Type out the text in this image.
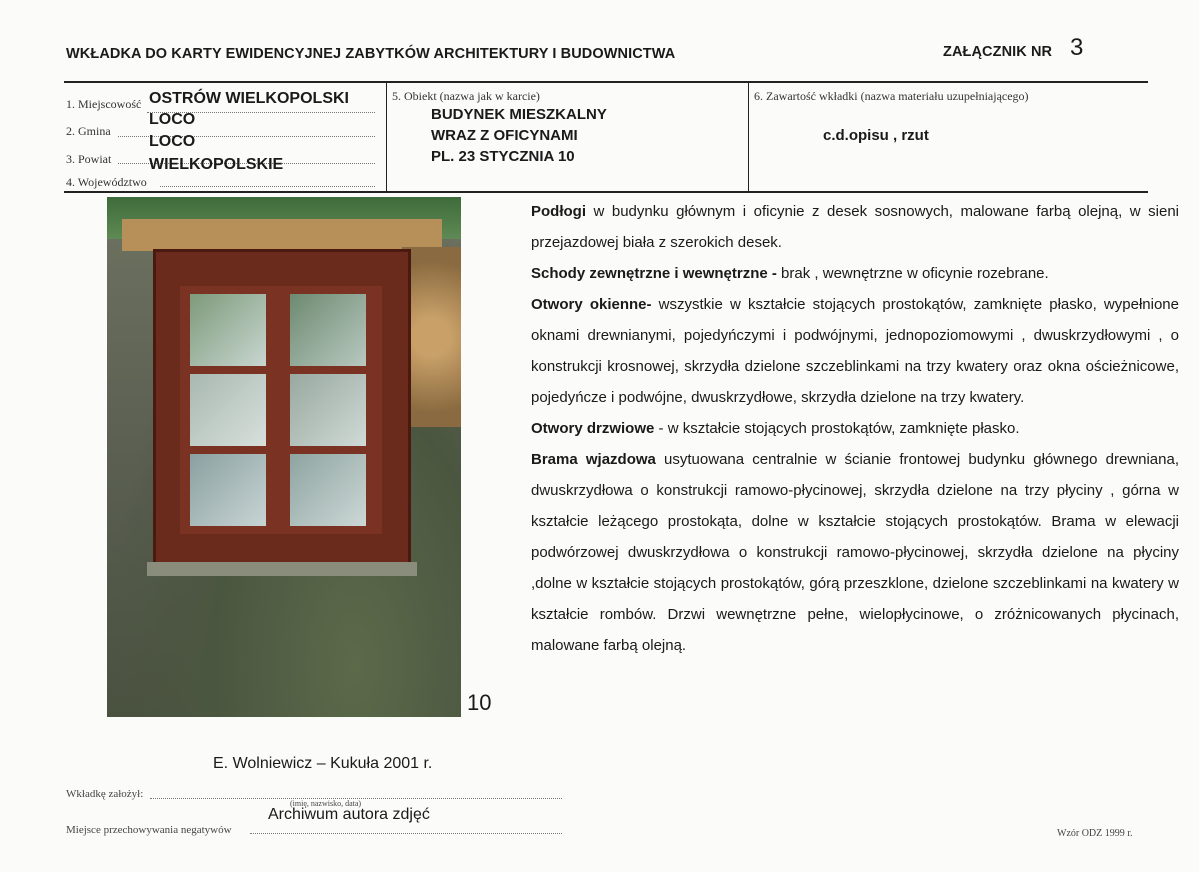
WKŁADKA DO KARTY EWIDENCYJNEJ ZABYTKÓW ARCHITEKTURY I BUDOWNICTWA	ZAŁĄCZNIK NR 3
1. Miejscowość OSTRÓW WIELKOPOLSKI
2. Gmina
LOCO
3. Powiat
LOCO
WIELKOPOLSKIE
4. Województwo
5. Obiekt (nazwa jak w karcie)
BUDYNEK MIESZKALNY
WRAZ Z OFICYNAMI
PL. 23 STYCZNIA 10
6. Zawartość wkładki (nazwa materiału uzupełniającego)
c.d.opisu , rzut
10
E. Wolniewicz – Kukuła 2001 r.
Podłogi w budynku głównym i oficynie z desek sosnowych, malowane farbą olejną, w sieni przejazdowej biała z szerokich desek.
Schody zewnętrzne i wewnętrzne - brak , wewnętrzne w oficynie rozebrane.
Otwory okienne- wszystkie w kształcie stojących prostokątów, zamknięte płasko, wypełnione oknami drewnianymi, pojedyńczymi i podwójnymi, jednopoziomowymi , dwuskrzydłowymi , o konstrukcji krosnowej, skrzydła dzielone szczeblinkami na trzy kwatery oraz okna ościeżnicowe, pojedyńcze i podwójne, dwuskrzydłowe, skrzydła dzielone na trzy kwatery.
Otwory drzwiowe - w kształcie stojących prostokątów, zamknięte płasko.
Brama wjazdowa usytuowana centralnie w ścianie frontowej budynku głównego drewniana, dwuskrzydłowa o konstrukcji ramowo-płycinowej, skrzydła dzielone na trzy płyciny , górna w kształcie leżącego prostokąta, dolne w kształcie stojących prostokątów. Brama w elewacji podwórzowej dwuskrzydłowa o konstrukcji ramowo-płycinowej, skrzydła dzielone na płyciny ,dolne w kształcie stojących prostokątów, górą przeszklone, dzielone szczeblinkami na kwatery w kształcie rombów. Drzwi wewnętrzne pełne, wielopłycinowe, o zróżnicowanych płycinach, malowane farbą olejną.
Wkładkę założył:
(imię, nazwisko, data)
Archiwum autora zdjęć
Miejsce przechowywania negatywów	Wzór ODZ 1999 r.
